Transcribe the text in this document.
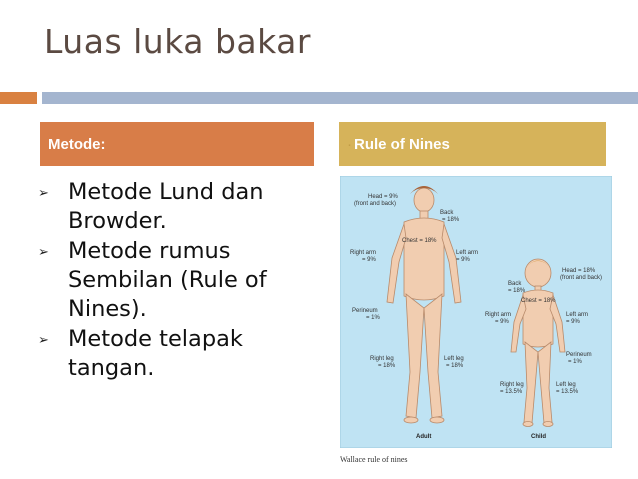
Luas luka bakar
Metode:	· Rule of Nines
➢ Metode Lund dan Browder.
➢ Metode rumus Sembilan (Rule of Nines).
➢ Metode telapak tangan.
Head = 9%
(front and back)
Back
= 18%
Chest = 18%
Right arm
= 9%
Left arm
= 9%
Perineum
= 1%
Right leg
= 18%
Left leg
= 18%
Adult
Head = 18%
(front and back)
Back
= 18%
Chest = 18%
Right arm
= 9%
Left arm
= 9%
Perineum
= 1%
Right leg
= 13.5%
Left leg
= 13.5%
Child
Wallace rule of nines
